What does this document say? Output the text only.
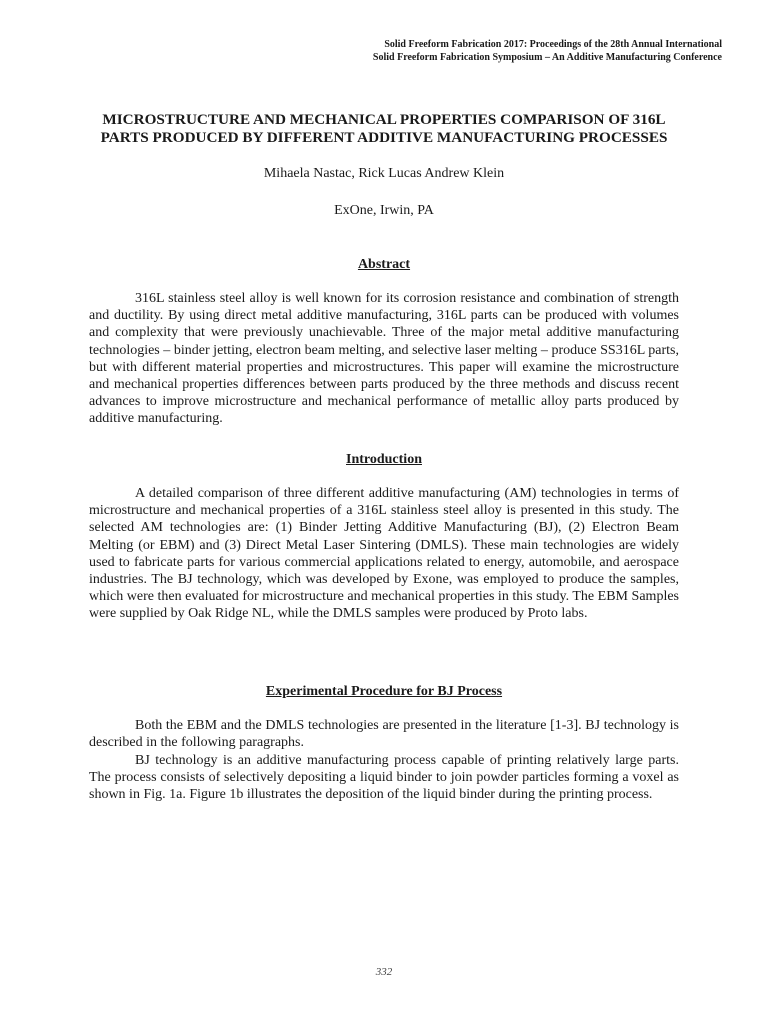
Solid Freeform Fabrication 2017: Proceedings of the 28th Annual International
Solid Freeform Fabrication Symposium – An Additive Manufacturing Conference
MICROSTRUCTURE AND MECHANICAL PROPERTIES COMPARISON OF 316L
PARTS PRODUCED BY DIFFERENT ADDITIVE MANUFACTURING PROCESSES
Mihaela Nastac, Rick Lucas Andrew Klein
ExOne, Irwin, PA
Abstract

316L stainless steel alloy is well known for its corrosion resistance and combination of strength and ductility. By using direct metal additive manufacturing, 316L parts can be produced with volumes and complexity that were previously unachievable. Three of the major metal additive manufacturing technologies – binder jetting, electron beam melting, and selective laser melting – produce SS316L parts, but with different material properties and microstructures. This paper will examine the microstructure and mechanical properties differences between parts produced by the three methods and discuss recent advances to improve microstructure and mechanical performance of metallic alloy parts produced by additive manufacturing.

Introduction

A detailed comparison of three different additive manufacturing (AM) technologies in terms of microstructure and mechanical properties of a 316L stainless steel alloy is presented in this study. The selected AM technologies are: (1) Binder Jetting Additive Manufacturing (BJ), (2) Electron Beam Melting (or EBM) and (3) Direct Metal Laser Sintering (DMLS). These main technologies are widely used to fabricate parts for various commercial applications related to energy, automobile, and aerospace industries. The BJ technology, which was developed by Exone, was employed to produce the samples, which were then evaluated for microstructure and mechanical properties in this study. The EBM Samples were supplied by Oak Ridge NL, while the DMLS samples were produced by Proto labs.

Experimental Procedure for BJ Process

Both the EBM and the DMLS technologies are presented in the literature [1-3]. BJ technology is described in the following paragraphs.

BJ technology is an additive manufacturing process capable of printing relatively large parts. The process consists of selectively depositing a liquid binder to join powder particles forming a voxel as shown in Fig. 1a. Figure 1b illustrates the deposition of the liquid binder during the printing process.

332
